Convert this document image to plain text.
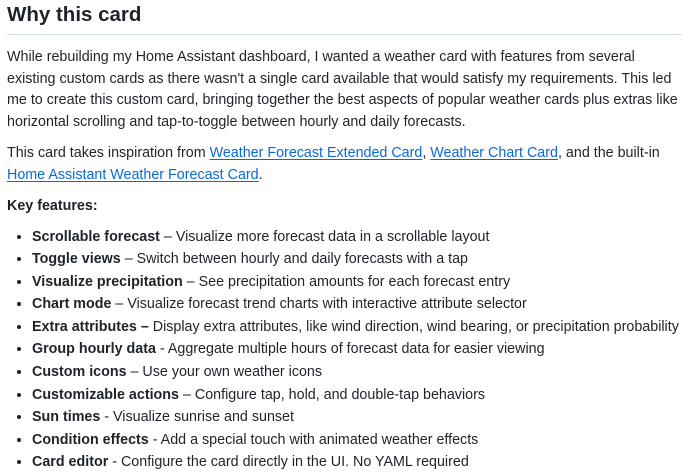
Why this card

While rebuilding my Home Assistant dashboard, I wanted a weather card with features from several existing custom cards as there wasn't a single card available that would satisfy my requirements. This led me to create this custom card, bringing together the best aspects of popular weather cards plus extras like horizontal scrolling and tap-to-toggle between hourly and daily forecasts.

This card takes inspiration from Weather Forecast Extended Card, Weather Chart Card, and the built-in Home Assistant Weather Forecast Card.

Key features:

• Scrollable forecast – Visualize more forecast data in a scrollable layout
• Toggle views – Switch between hourly and daily forecasts with a tap
• Visualize precipitation – See precipitation amounts for each forecast entry
• Chart mode – Visualize forecast trend charts with interactive attribute selector
• Extra attributes – Display extra attributes, like wind direction, wind bearing, or precipitation probability
• Group hourly data - Aggregate multiple hours of forecast data for easier viewing
• Custom icons – Use your own weather icons
• Customizable actions – Configure tap, hold, and double-tap behaviors
• Sun times - Visualize sunrise and sunset
• Condition effects - Add a special touch with animated weather effects
• Card editor - Configure the card directly in the UI. No YAML required
